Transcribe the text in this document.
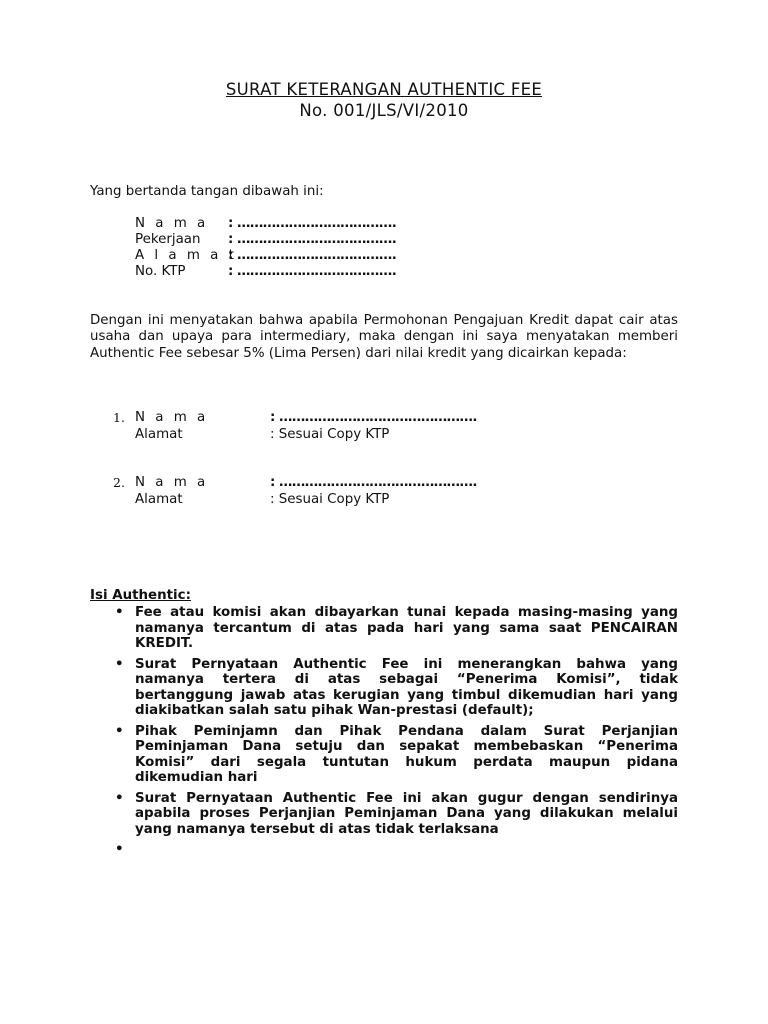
SURAT KETERANGAN AUTHENTIC FEE
No. 001/JLS/VI/2010
Yang bertanda tangan dibawah ini:
N a m a : ……………………………….
Pekerjaan : ……………………………….
A l a m a t: ……………………………….
No. KTP	: ……………………………….
Dengan ini menyatakan bahwa apabila Permohonan Pengajuan Kredit dapat cair atas usaha dan upaya para intermediary, maka dengan ini saya menyatakan memberi Authentic Fee sebesar 5% (Lima Persen) dari nilai kredit yang dicairkan kepada:
1. N a m a	: ……………………………………….
Alamat	: Sesuai Copy KTP
2. N a m a	: ……………………………………….
Alamat	: Sesuai Copy KTP
Isi Authentic:
• Fee atau komisi akan dibayarkan tunai kepada masing-masing yang namanya tercantum di atas pada hari yang sama saat PENCAIRAN KREDIT.
• Surat Pernyataan Authentic Fee ini menerangkan bahwa yang namanya tertera di atas sebagai “Penerima Komisi”, tidak bertanggung jawab atas kerugian yang timbul dikemudian hari yang diakibatkan salah satu pihak Wan-prestasi (default);
• Pihak Peminjamn dan Pihak Pendana dalam Surat Perjanjian Peminjaman Dana setuju dan sepakat membebaskan “Penerima Komisi” dari segala tuntutan hukum perdata maupun pidana dikemudian hari
• Surat Pernyataan Authentic Fee ini akan gugur dengan sendirinya apabila proses Perjanjian Peminjaman Dana yang dilakukan melalui yang namanya tersebut di atas tidak terlaksana
•
